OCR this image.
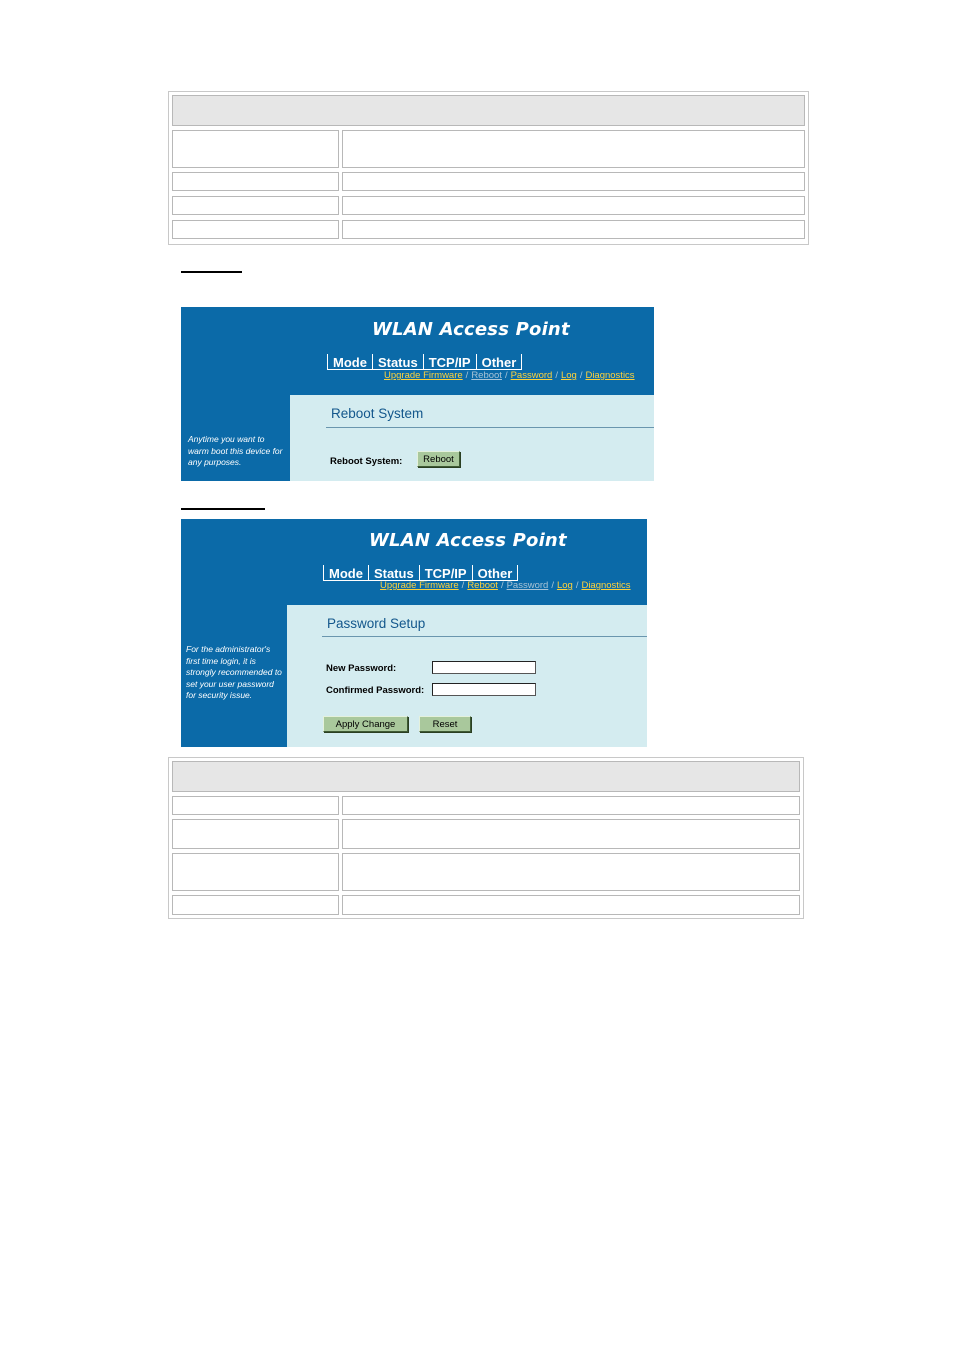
WLAN Access Point
Mode Status TCP/IP Other
Upgrade Firmware / Reboot / Password / Log / Diagnostics
Anytime you want to warm boot this device for any purposes.
Reboot System
Reboot System:	Reboot
WLAN Access Point
Mode Status TCP/IP Other
Upgrade Firmware / Reboot / Password / Log / Diagnostics
For the administrator's first time login, it is strongly recommended to set your user password for security issue.
Password Setup
New Password:
Confirmed Password:
Apply Change	Reset
